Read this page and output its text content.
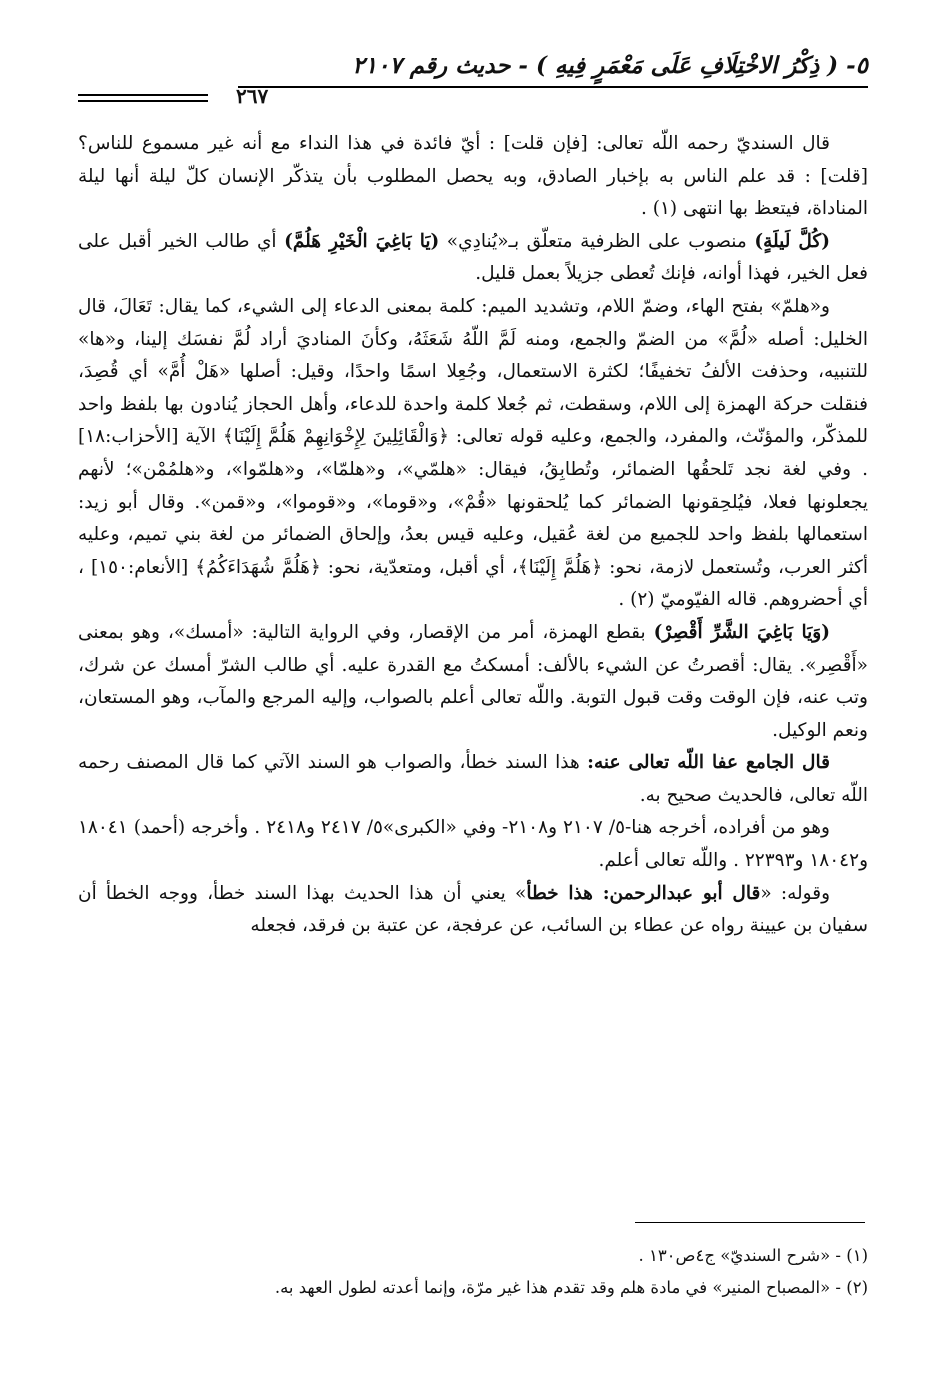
٥- ( ذِكْرُ الاخْتِلَافِ عَلَى مَعْمَرٍ فِيهِ ) - حديث رقم ٢١٠٧
٢٦٧

قال السنديّ رحمه اللّه تعالى: [فإن قلت] : أيّ فائدة في هذا النداء مع أنه غير مسموع للناس؟ [قلت] : قد علم الناس به بإخبار الصادق، وبه يحصل المطلوب بأن يتذكّر الإنسان كلّ ليلة أنها ليلة المناداة، فيتعظ بها انتهى (١) .

(كُلَّ لَيلَةٍ) منصوب على الظرفية متعلّق بـ«يُنادِي» (يَا بَاغِيَ الْخَيْرِ هَلُمَّ) أي طالب الخير أقبل على فعل الخير، فهذا أوانه، فإنك تُعطى جزيلاً بعمل قليل.

و«هلمّ» بفتح الهاء، وضمّ اللام، وتشديد الميم: كلمة بمعنى الدعاء إلى الشيء، كما يقال: تَعَالَ، قال الخليل: أصله «لُمَّ» من الضمّ والجمع، ومنه لَمَّ اللّهُ شَعَثَهُ، وكأنَ المناديَ أراد لُمَّ نفسَك إلينا، و«ها» للتنبيه، وحذفت الألفُ تخفيفًا؛ لكثرة الاستعمال، وجُعِلا اسمًا واحدًا، وقيل: أصلها «هَلْ أُمَّ» أي قُصِدَ، فنقلت حركة الهمزة إلى اللام، وسقطت، ثم جُعلا كلمة واحدة للدعاء، وأهل الحجاز يُنادون بها بلفظ واحد للمذكّر، والمؤنّث، والمفرد، والجمع، وعليه قوله تعالى: ﴿وَالْقَائِلِينَ لِإِخْوَانِهِمْ هَلُمَّ إِلَيْنَا﴾ الآية [الأحزاب:١٨] . وفي لغة نجد تَلحقُها الضمائر، وتُطابِقُ، فيقال: «هلمّي»، و«هلمّا»، و«هلمّوا»، و«هلمُمْن»؛ لأنهم يجعلونها فعلا، فيُلحِقونها الضمائر كما يُلحقونها «قُمْ»، و«قوما»، و«قوموا»، و«قمن». وقال أبو زيد: استعمالها بلفظ واحد للجميع من لغة عُقيل، وعليه قيس بعدُ، وإلحاق الضمائر من لغة بني تميم، وعليه أكثر العرب، وتُستعمل لازمة، نحو: ﴿هَلُمَّ إِلَيْنَا﴾، أي أقبل، ومتعدّية، نحو: ﴿هَلُمَّ شُهَدَاءَكُمُ﴾ [الأنعام:١٥٠] ، أي أحضروهم. قاله الفيّوميّ (٢) .

(وَيَا بَاغِيَ الشَّرِّ أَقْصِرْ) بقطع الهمزة، أمر من الإقصار، وفي الرواية التالية: «أمسك»، وهو بمعنى «أَقْصِر». يقال: أقصرتُ عن الشيء بالألف: أمسكتُ مع القدرة عليه. أي طالب الشرّ أمسك عن شرك، وتب عنه، فإن الوقت وقت قبول التوبة. واللّه تعالى أعلم بالصواب، وإليه المرجع والمآب، وهو المستعان، ونعم الوكيل.

قال الجامع عفا اللّه تعالى عنه: هذا السند خطأ، والصواب هو السند الآتي كما قال المصنف رحمه اللّه تعالى، فالحديث صحيح به.

وهو من أفراده، أخرجه هنا-٥/ ٢١٠٧ و٢١٠٨- وفي «الكبرى»٥/ ٢٤١٧ و٢٤١٨ . وأخرجه (أحمد) ١٨٠٤١ و١٨٠٤٢ و٢٢٣٩٣ . واللّه تعالى أعلم.

وقوله: «قال أبو عبدالرحمن: هذا خطأ» يعني أن هذا الحديث بهذا السند خطأ، ووجه الخطأ أن سفيان بن عيينة رواه عن عطاء بن السائب، عن عرفجة، عن عتبة بن فرقد، فجعله

(١) - «شرح السنديّ» ج٤ص١٣٠ .

(٢) - «المصباح المنير» في مادة هلم وقد تقدم هذا غير مرّة، وإنما أعدته لطول العهد به.
